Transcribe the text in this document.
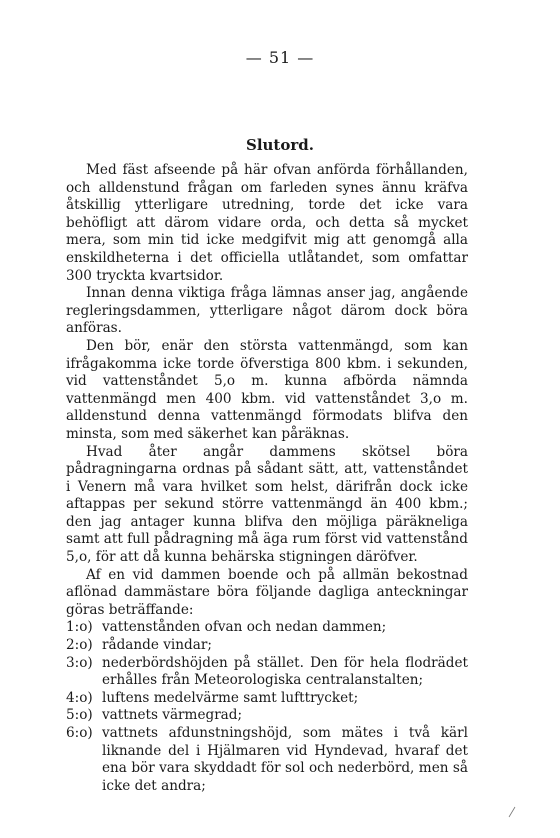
— 51 —
Slutord.

Med fäst afseende på här ofvan anförda förhållanden, och alldenstund frågan om farleden synes ännu kräfva åtskillig ytterligare utredning, torde det icke vara behöfligt att därom vidare orda, och detta så mycket mera, som min tid icke medgifvit mig att genomgå alla enskildheterna i det officiella utlåtandet, som omfattar 300 tryckta kvartsidor.

Innan denna viktiga fråga lämnas anser jag, angående regleringsdammen, ytterligare något därom dock böra anföras.

Den bör, enär den största vattenmängd, som kan ifrågakomma icke torde öfverstiga 800 kbm. i sekunden, vid vattenståndet 5,o m. kunna afbörda nämnda vattenmängd men 400 kbm. vid vattenståndet 3,o m. alldenstund denna vattenmängd förmodats blifva den minsta, som med säkerhet kan påräknas.

Hvad åter angår dammens skötsel böra pådragningarna ordnas på sådant sätt, att, vattenståndet i Venern må vara hvilket som helst, därifrån dock icke aftappas per sekund större vattenmängd än 400 kbm.; den jag antager kunna blifva den möjliga päräkneliga samt att full pådragning må äga rum först vid vattenstånd 5,o, för att då kunna behärska stigningen däröfver.

Af en vid dammen boende och på allmän bekostnad aflönad dammästare böra följande dagliga anteckningar göras beträffande:

1:o) vattenstånden ofvan och nedan dammen;
2:o) rådande vindar;
3:o) nederbördshöjden på stället. Den för hela flodrädet erhålles från Meteorologiska centralanstalten;
4:o) luftens medelvärme samt lufttrycket;
5:o) vattnets värmegrad;
6:o) vattnets afdunstningshöjd, som mätes i två kärl liknande del i Hjälmaren vid Hyndevad, hvaraf det ena bör vara skyddadt för sol och nederbörd, men så icke det andra;
